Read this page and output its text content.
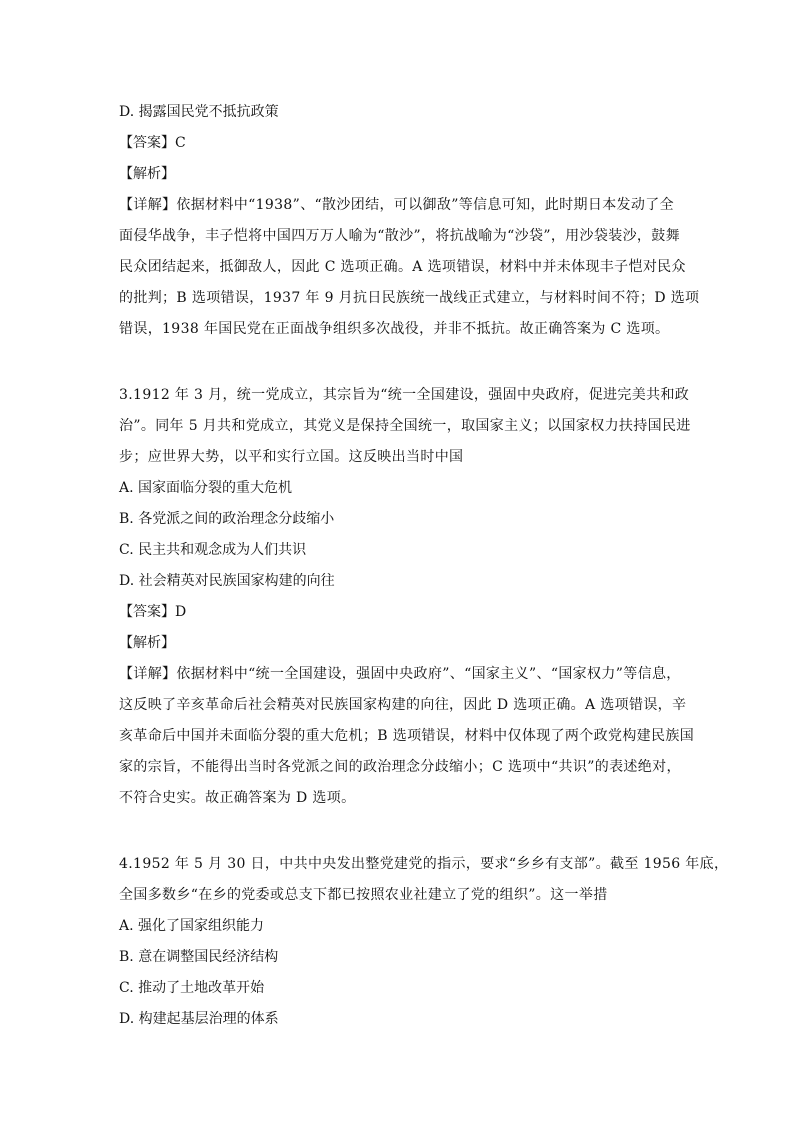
D. 揭露国民党不抵抗政策
【答案】C
【解析】
【详解】依据材料中“1938”、“散沙团结，可以御敌”等信息可知，此时期日本发动了全
面侵华战争，丰子恺将中国四万万人喻为“散沙”，将抗战喻为“沙袋”，用沙袋装沙，鼓舞
民众团结起来，抵御敌人，因此 C 选项正确。A 选项错误，材料中并未体现丰子恺对民众
的批判；B 选项错误，1937 年 9 月抗日民族统一战线正式建立，与材料时间不符；D 选项
错误，1938 年国民党在正面战争组织多次战役，并非不抵抗。故正确答案为 C 选项。
3.1912 年 3 月，统一党成立，其宗旨为“统一全国建设，强固中央政府，促进完美共和政
治”。同年 5 月共和党成立，其党义是保持全国统一，取国家主义；以国家权力扶持国民进
步；应世界大势，以平和实行立国。这反映出当时中国
A. 国家面临分裂的重大危机
B. 各党派之间的政治理念分歧缩小
C. 民主共和观念成为人们共识
D. 社会精英对民族国家构建的向往
【答案】D
【解析】
【详解】依据材料中“统一全国建设，强固中央政府”、“国家主义”、“国家权力”等信息，
这反映了辛亥革命后社会精英对民族国家构建的向往，因此 D 选项正确。A 选项错误，辛
亥革命后中国并未面临分裂的重大危机；B 选项错误，材料中仅体现了两个政党构建民族国
家的宗旨，不能得出当时各党派之间的政治理念分歧缩小；C 选项中“共识”的表述绝对，
不符合史实。故正确答案为 D 选项。
4.1952 年 5 月 30 日，中共中央发出整党建党的指示，要求“乡乡有支部”。截至 1956 年底，
全国多数乡“在乡的党委或总支下都已按照农业社建立了党的组织”。这一举措
A. 强化了国家组织能力
B. 意在调整国民经济结构
C. 推动了土地改革开始
D. 构建起基层治理的体系
